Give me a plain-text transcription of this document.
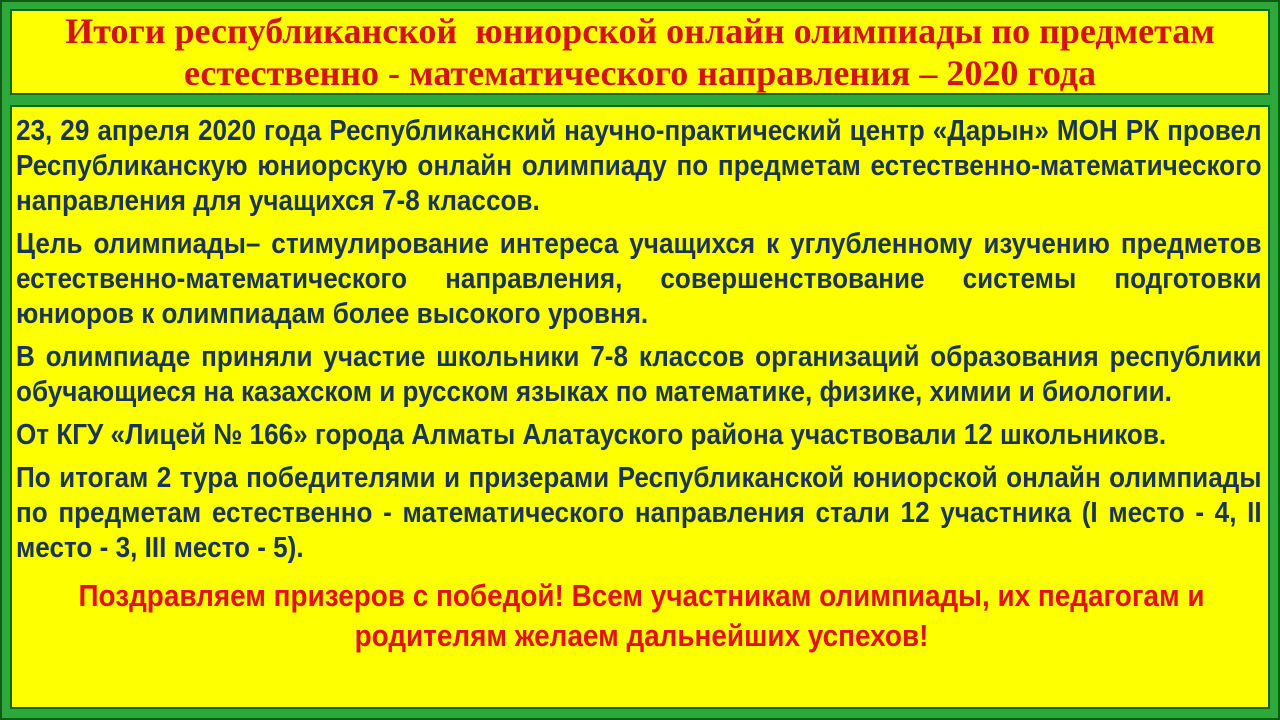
Итоги республиканской  юниорской онлайн олимпиады по предметам естественно - математического направления – 2020 года

23, 29 апреля 2020 года Республиканский научно-практический центр «Дарын» МОН РК провел Республиканскую юниорскую онлайн олимпиаду по предметам естественно-математического направления для учащихся 7-8 классов.

Цель олимпиады– стимулирование интереса учащихся к углубленному изучению предметов естественно-математического направления, совершенствование системы подготовки юниоров к олимпиадам более высокого уровня.

В олимпиаде приняли участие школьники 7-8 классов организаций образования республики обучающиеся на казахском и русском языках по математике, физике, химии и биологии.

От КГУ «Лицей № 166» города Алматы Алатауского района участвовали 12 школьников.

По итогам 2 тура победителями и призерами Республиканской юниорской онлайн олимпиады по предметам естественно - математического направления стали 12 участника (I место - 4, II место - 3, III место - 5).

Поздравляем призеров с победой! Всем участникам олимпиады, их педагогам и родителям желаем дальнейших успехов!
